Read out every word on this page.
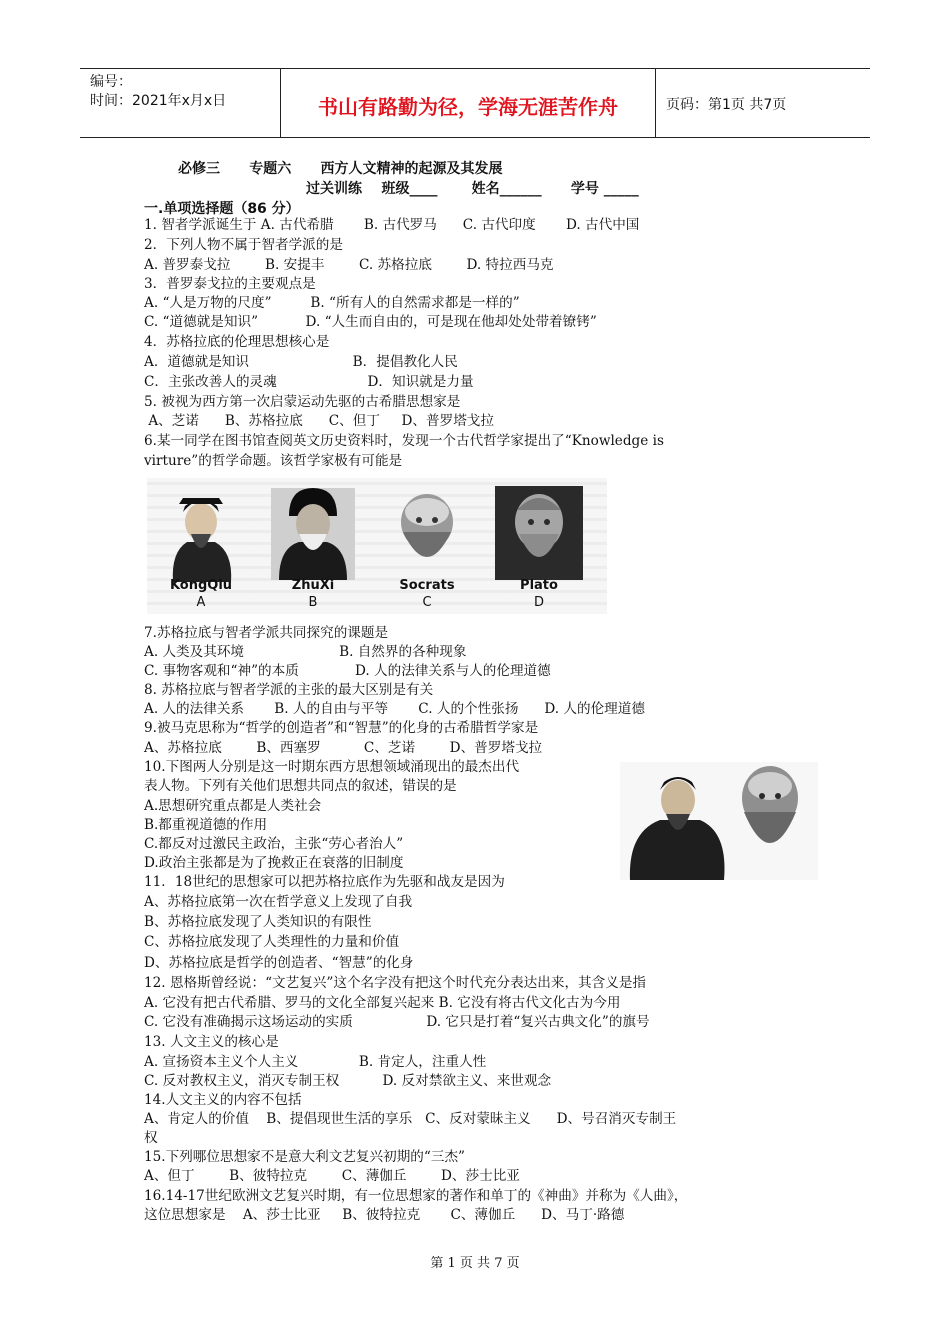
编号：
时间：2021年x月x日	书山有路勤为径，学海无涯苦作舟	页码：第1页 共7页
必修三      专题六      西方人文精神的起源及其发展
过关训练    班级____       姓名______      学号 _____
一.单项选择题（86 分）
1. 智者学派诞生于 A. 古代希腊       B. 古代罗马      C. 古代印度       D. 古代中国
2．下列人物不属于智者学派的是
A. 普罗泰戈拉        B. 安提丰        C. 苏格拉底        D. 特拉西马克
3．普罗泰戈拉的主要观点是
A. “人是万物的尺度”         B. “所有人的自然需求都是一样的”
C. “道德就是知识”           D. “人生而自由的，可是现在他却处处带着镣铐”
4．苏格拉底的伦理思想核心是
A．道德就是知识                        B．提倡教化人民
C．主张改善人的灵魂                     D．知识就是力量
5. 被视为西方第一次启蒙运动先驱的古希腊思想家是
A、芝诺      B、苏格拉底      C、但丁     D、普罗塔戈拉
6.某一同学在图书馆查阅英文历史资料时，发现一个古代哲学家提出了“Knowledge is
virture”的哲学命题。该哲学家极有可能是
KongQiu
A
ZhuXi
B
Socrats
C
Plato
D
7.苏格拉底与智者学派共同探究的课题是
A. 人类及其环境                      B. 自然界的各种现象
C. 事物客观和“神”的本质             D. 人的法律关系与人的伦理道德
8. 苏格拉底与智者学派的主张的最大区别是有关
A. 人的法律关系       B. 人的自由与平等       C. 人的个性张扬      D. 人的伦理道德
9.被马克思称为“哲学的创造者”和“智慧”的化身的古希腊哲学家是
A、苏格拉底        B、西塞罗          C、芝诺        D、普罗塔戈拉
10.下图两人分别是这一时期东西方思想领域涌现出的最杰出代
表人物。下列有关他们思想共同点的叙述，错误的是
A.思想研究重点都是人类社会
B.都重视道德的作用
C.都反对过激民主政治，主张“劳心者治人”
D.政治主张都是为了挽救正在衰落的旧制度
11．18世纪的思想家可以把苏格拉底作为先驱和战友是因为
A、苏格拉底第一次在哲学意义上发现了自我
B、苏格拉底发现了人类知识的有限性
C、苏格拉底发现了人类理性的力量和价值
D、苏格拉底是哲学的创造者、“智慧”的化身
12. 恩格斯曾经说：“文艺复兴”这个名字没有把这个时代充分表达出来，其含义是指
A. 它没有把古代希腊、罗马的文化全部复兴起来 B. 它没有将古代文化古为今用
C. 它没有准确揭示这场运动的实质                 D. 它只是打着“复兴古典文化”的旗号
13. 人文主义的核心是
A. 宣扬资本主义个人主义              B. 肯定人，注重人性
C. 反对教权主义，消灭专制王权          D. 反对禁欲主义、来世观念
14.人文主义的内容不包括
A、肯定人的价值    B、提倡现世生活的享乐   C、反对蒙昧主义      D、号召消灭专制王
权
15.下列哪位思想家不是意大利文艺复兴初期的“三杰”
A、但丁        B、彼特拉克        C、薄伽丘        D、莎士比亚
16.14-17世纪欧洲文艺复兴时期，有一位思想家的著作和单丁的《神曲》并称为《人曲》，
这位思想家是    A、莎士比亚     B、彼特拉克       C、薄伽丘      D、马丁·路德
第 1 页 共 7 页
